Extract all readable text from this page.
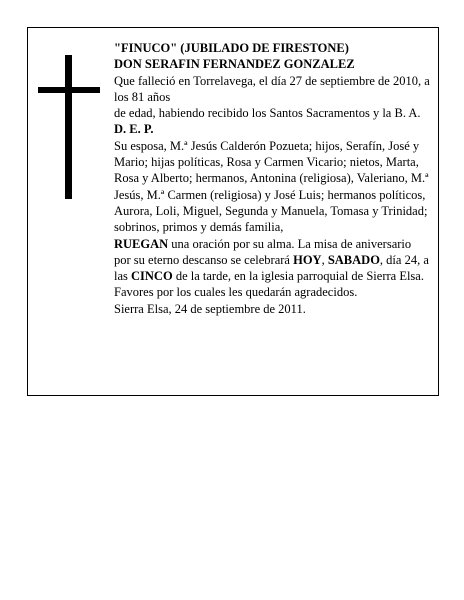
"FINUCO" (JUBILADO DE FIRESTONE)

DON SERAFIN FERNANDEZ GONZALEZ

Que falleció en Torrelavega, el día 27 de septiembre de 2010, a los 81 años

de edad, habiendo recibido los Santos Sacramentos y la B. A.

D. E. P.

Su esposa, M.ª Jesús Calderón Pozueta; hijos, Serafín, José y Mario; hijas políticas, Rosa y Carmen Vicario; nietos, Marta, Rosa y Alberto; hermanos, Antonina (religiosa), Valeriano, M.ª Jesús, M.ª Carmen (religiosa) y José Luis; hermanos políticos, Aurora, Loli, Miguel, Segunda y Manuela, Tomasa y Trinidad; sobrinos, primos y demás familia,

RUEGAN una oración por su alma. La misa de aniversario por su eterno descanso se celebrará HOY, SABADO, día 24, a las CINCO de la tarde, en la iglesia parroquial de Sierra Elsa. Favores por los cuales les quedarán agradecidos.

Sierra Elsa, 24 de septiembre de 2011.
